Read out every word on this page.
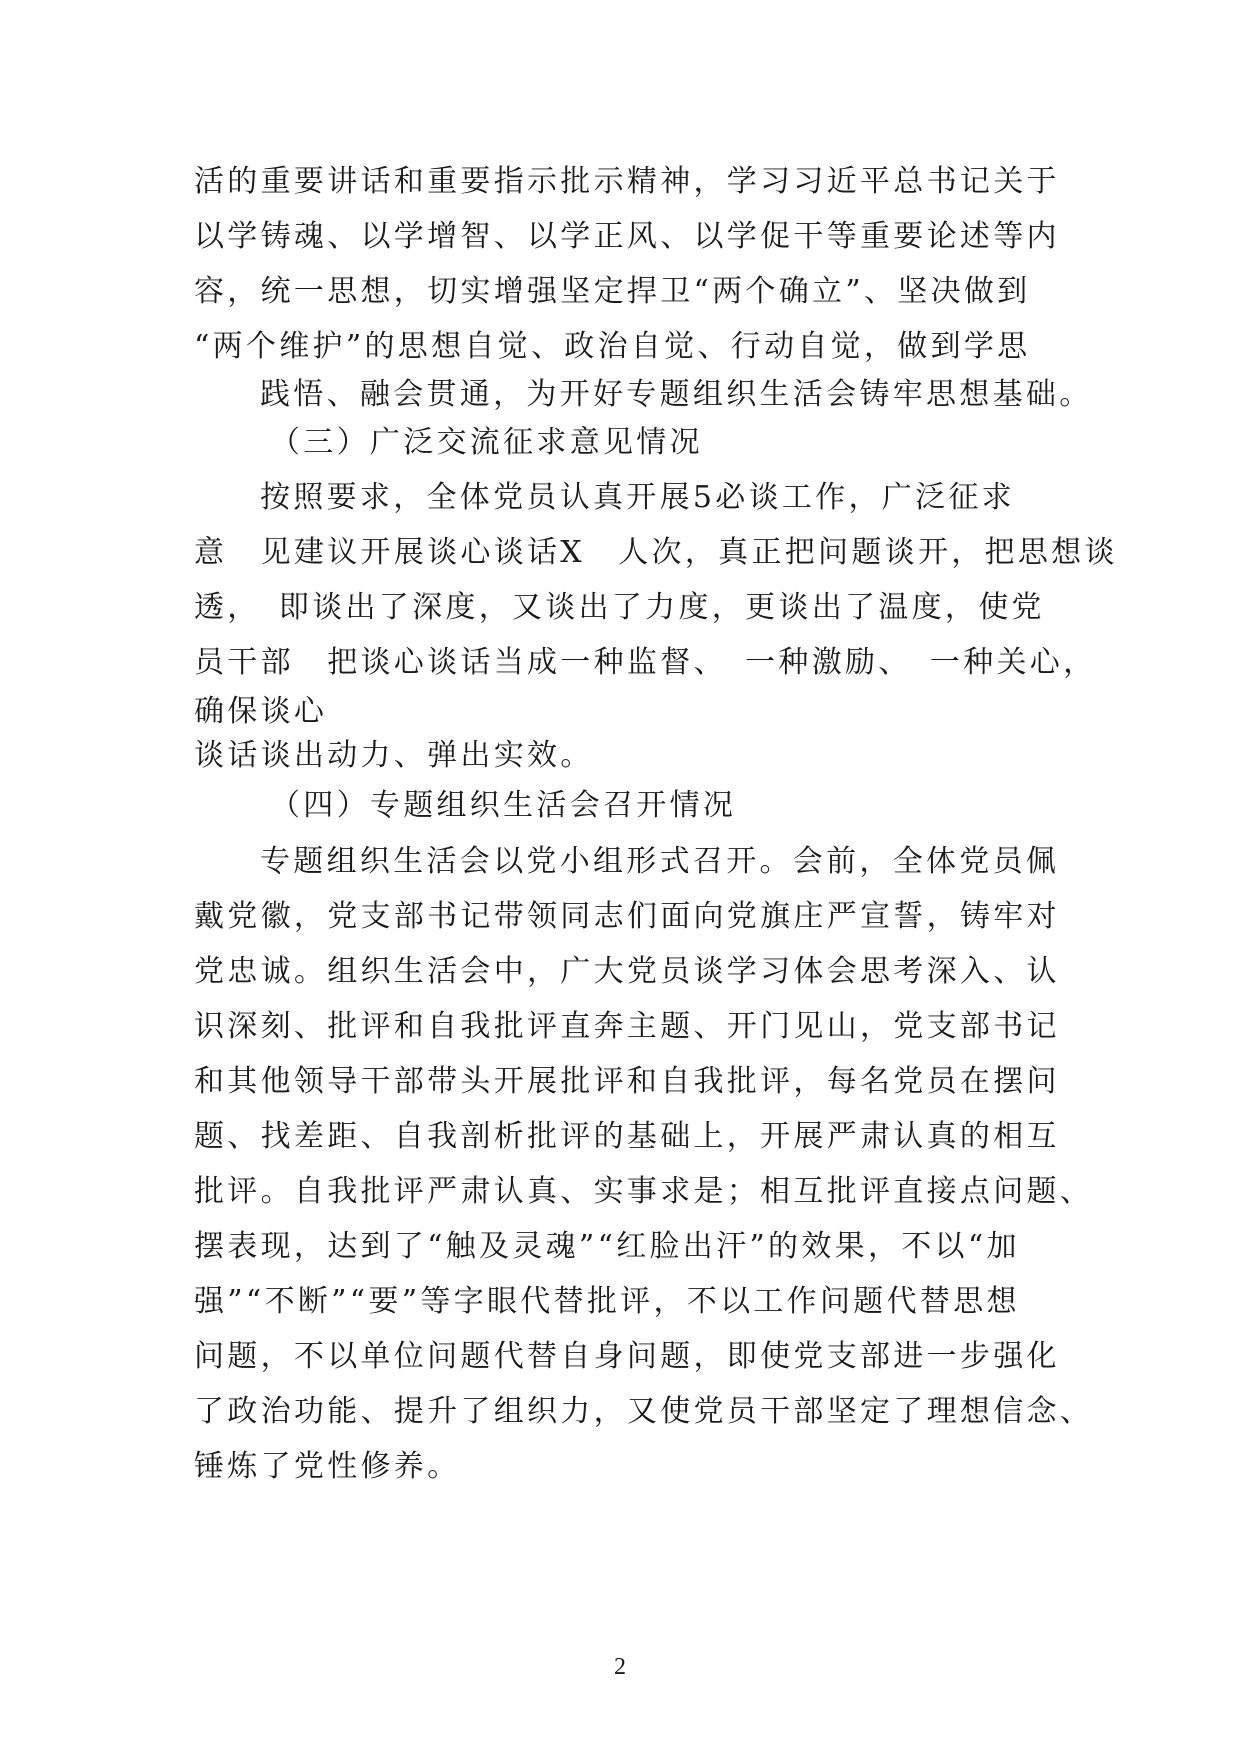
活的重要讲话和重要指示批示精神，学习习近平总书记关于
以学铸魂、以学增智、以学正风、以学促干等重要论述等内
容，统一思想，切实增强坚定捍卫“两个确立”、坚决做到
“两个维护”的思想自觉、政治自觉、行动自觉，做到学思
践悟、融会贯通，为开好专题组织生活会铸牢思想基础。
（三）广泛交流征求意见情况
按照要求，全体党员认真开展5必谈工作，广泛征求
意　见建议开展谈心谈话X　人次，真正把问题谈开，把思想谈
透，　即谈出了深度，又谈出了力度，更谈出了温度，使党
员干部　把谈心谈话当成一种监督、　一种激励、　一种关心，
确保谈心
谈话谈出动力、弹出实效。
（四）专题组织生活会召开情况
专题组织生活会以党小组形式召开。会前，全体党员佩
戴党徽，党支部书记带领同志们面向党旗庄严宣誓，铸牢对
党忠诚。组织生活会中，广大党员谈学习体会思考深入、认
识深刻、批评和自我批评直奔主题、开门见山，党支部书记
和其他领导干部带头开展批评和自我批评，每名党员在摆问
题、找差距、自我剖析批评的基础上，开展严肃认真的相互
批评。自我批评严肃认真、实事求是；相互批评直接点问题、
摆表现，达到了“触及灵魂”“红脸出汗”的效果，不以“加
强”“不断”“要”等字眼代替批评，不以工作问题代替思想
问题，不以单位问题代替自身问题，即使党支部进一步强化
了政治功能、提升了组织力，又使党员干部坚定了理想信念、
锤炼了党性修养。
2
